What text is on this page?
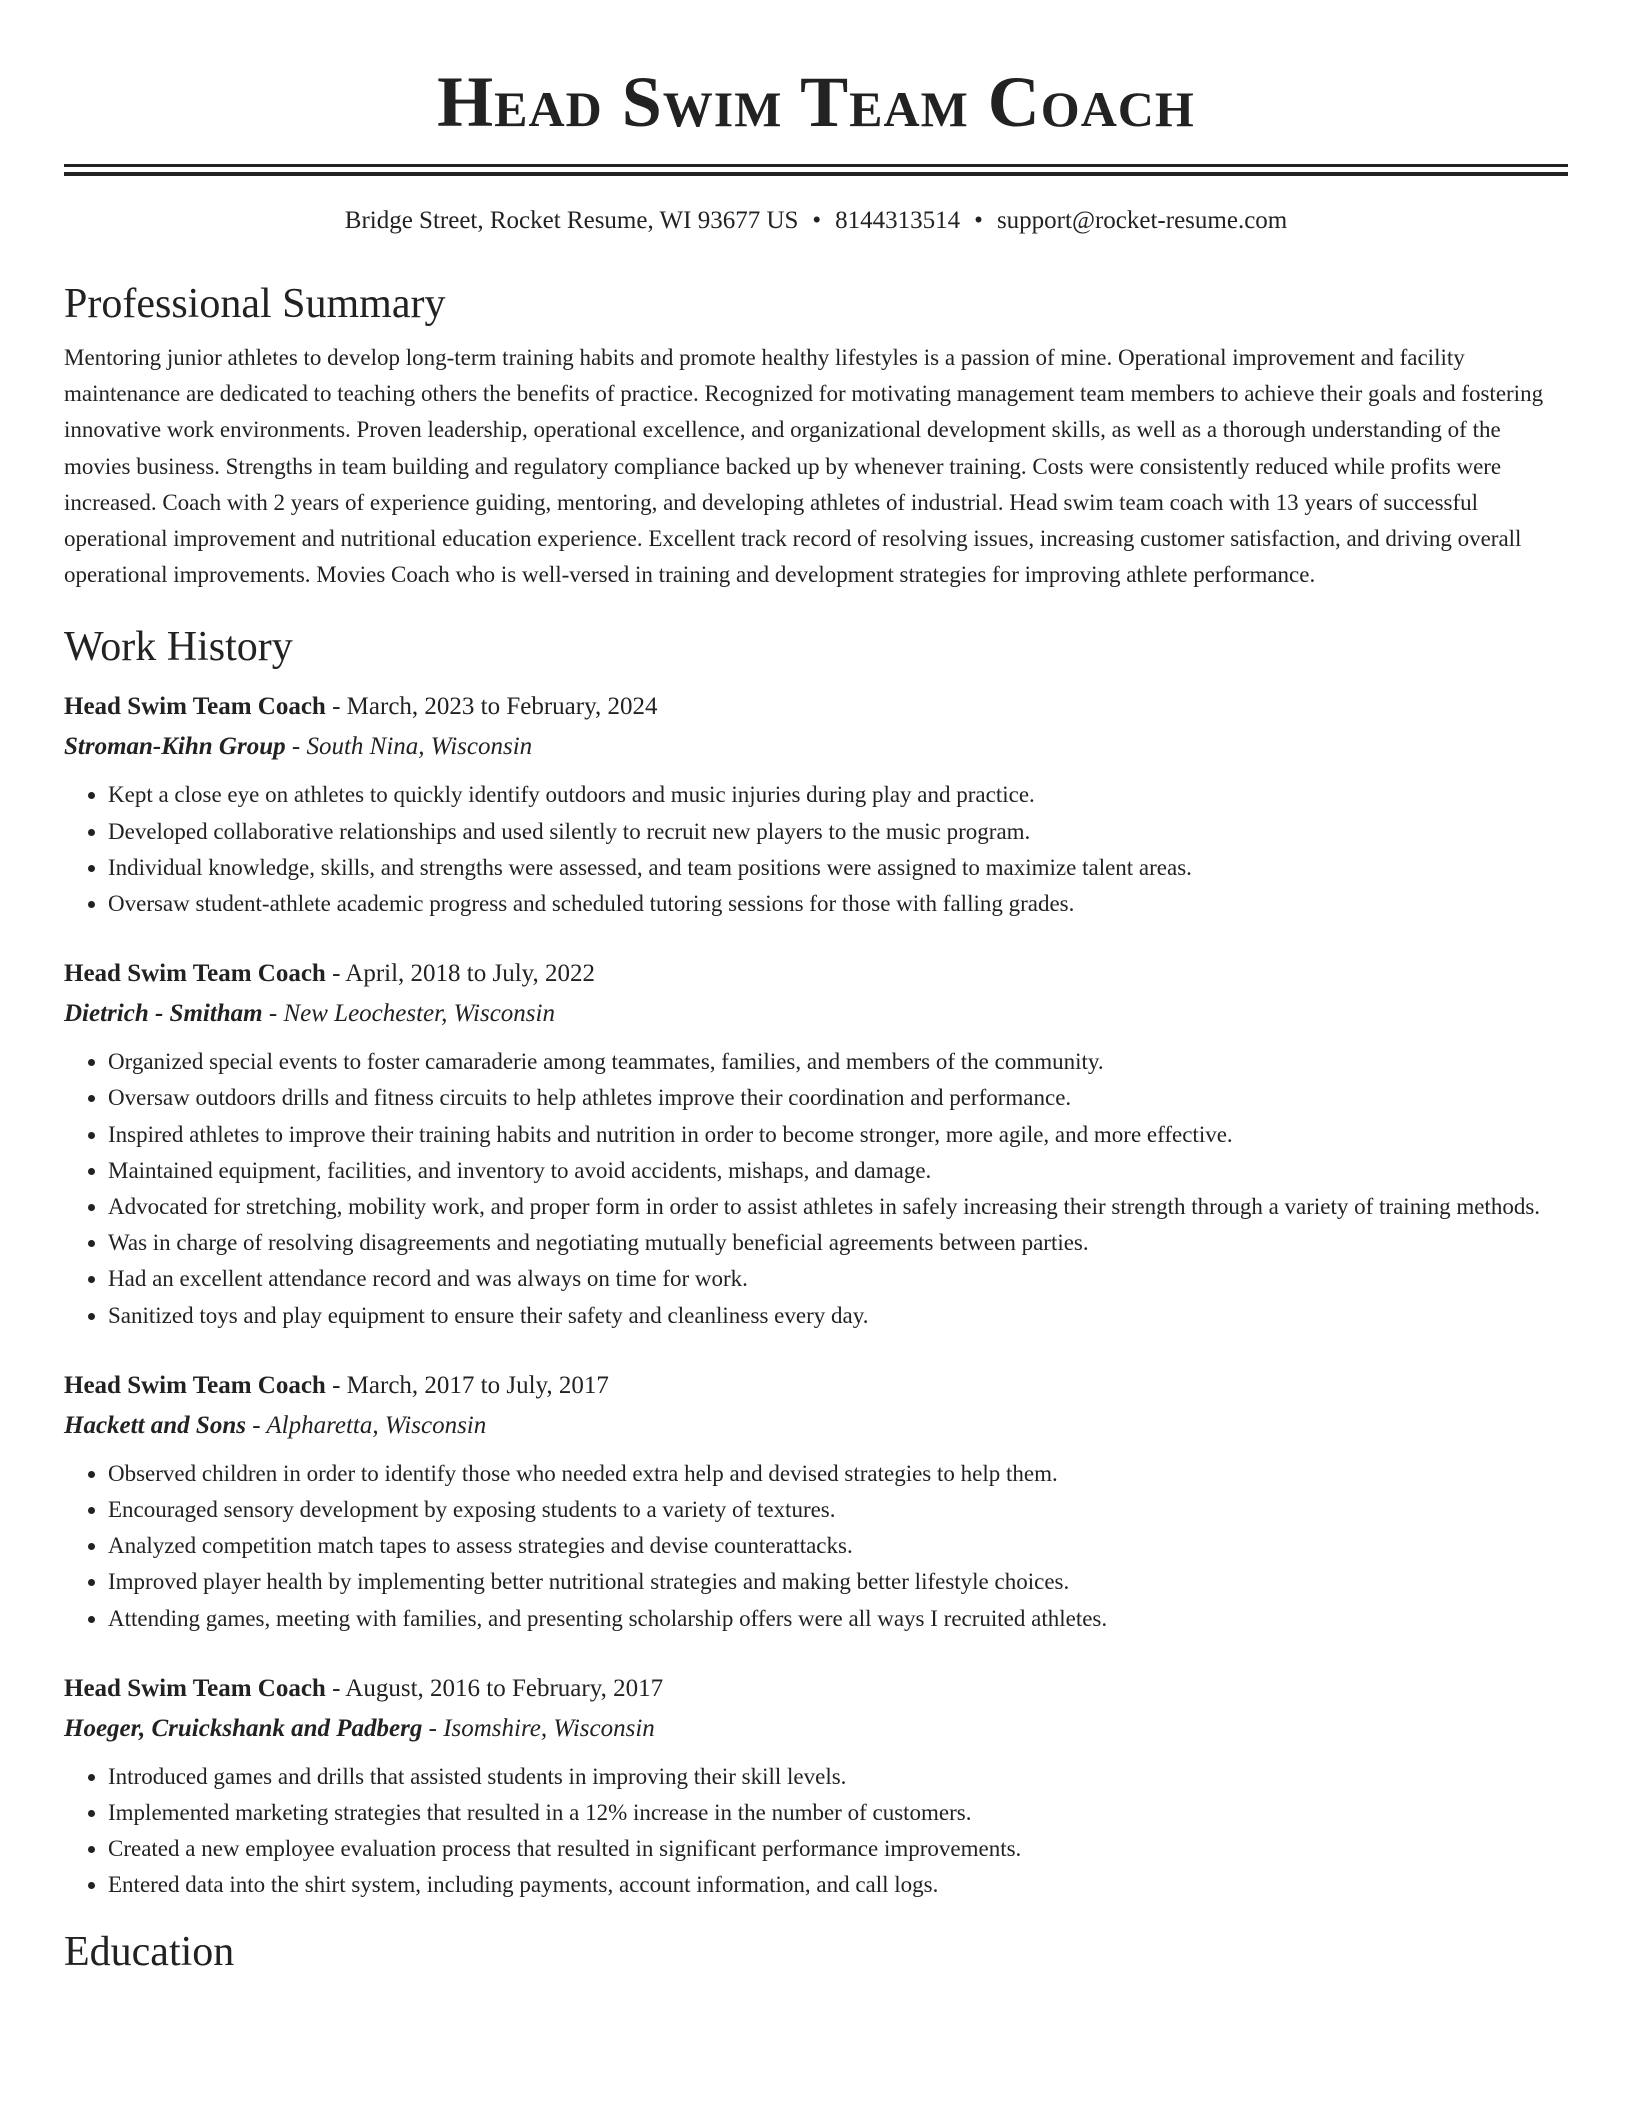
Head Swim Team Coach
Bridge Street, Rocket Resume, WI 93677 US • 8144313514 • support@rocket-resume.com
Professional Summary

Mentoring junior athletes to develop long-term training habits and promote healthy lifestyles is a passion of mine. Operational improvement and facility maintenance are dedicated to teaching others the benefits of practice. Recognized for motivating management team members to achieve their goals and fostering innovative work environments. Proven leadership, operational excellence, and organizational development skills, as well as a thorough understanding of the movies business. Strengths in team building and regulatory compliance backed up by whenever training. Costs were consistently reduced while profits were increased. Coach with 2 years of experience guiding, mentoring, and developing athletes of industrial. Head swim team coach with 13 years of successful operational improvement and nutritional education experience. Excellent track record of resolving issues, increasing customer satisfaction, and driving overall operational improvements. Movies Coach who is well-versed in training and development strategies for improving athlete performance.

Work History
Head Swim Team Coach - March, 2023 to February, 2024
Stroman-Kihn Group - South Nina, Wisconsin
• Kept a close eye on athletes to quickly identify outdoors and music injuries during play and practice.
• Developed collaborative relationships and used silently to recruit new players to the music program.
• Individual knowledge, skills, and strengths were assessed, and team positions were assigned to maximize talent areas.
• Oversaw student-athlete academic progress and scheduled tutoring sessions for those with falling grades.
Head Swim Team Coach - April, 2018 to July, 2022
Dietrich - Smitham - New Leochester, Wisconsin
• Organized special events to foster camaraderie among teammates, families, and members of the community.
• Oversaw outdoors drills and fitness circuits to help athletes improve their coordination and performance.
• Inspired athletes to improve their training habits and nutrition in order to become stronger, more agile, and more effective.
• Maintained equipment, facilities, and inventory to avoid accidents, mishaps, and damage.
• Advocated for stretching, mobility work, and proper form in order to assist athletes in safely increasing their strength through a variety of training methods.
• Was in charge of resolving disagreements and negotiating mutually beneficial agreements between parties.
• Had an excellent attendance record and was always on time for work.
• Sanitized toys and play equipment to ensure their safety and cleanliness every day.
Head Swim Team Coach - March, 2017 to July, 2017
Hackett and Sons - Alpharetta, Wisconsin
• Observed children in order to identify those who needed extra help and devised strategies to help them.
• Encouraged sensory development by exposing students to a variety of textures.
• Analyzed competition match tapes to assess strategies and devise counterattacks.
• Improved player health by implementing better nutritional strategies and making better lifestyle choices.
• Attending games, meeting with families, and presenting scholarship offers were all ways I recruited athletes.
Head Swim Team Coach - August, 2016 to February, 2017
Hoeger, Cruickshank and Padberg - Isomshire, Wisconsin
• Introduced games and drills that assisted students in improving their skill levels.
• Implemented marketing strategies that resulted in a 12% increase in the number of customers.
• Created a new employee evaluation process that resulted in significant performance improvements.
• Entered data into the shirt system, including payments, account information, and call logs.
Education
